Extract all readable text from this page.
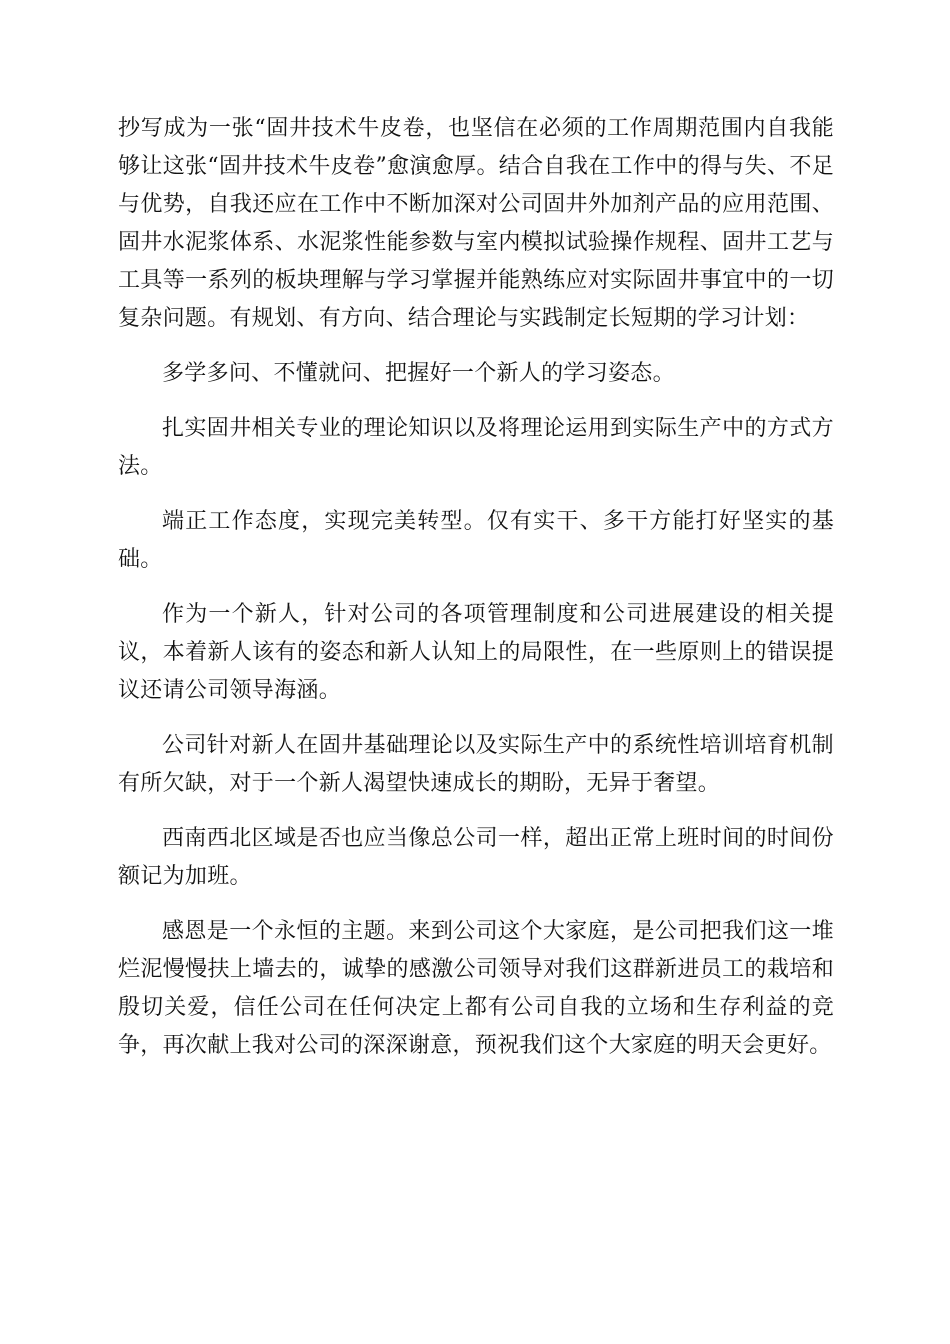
抄写成为一张“固井技术牛皮卷，也坚信在必须的工作周期范围内自我能够让这张“固井技术牛皮卷”愈演愈厚。结合自我在工作中的得与失、不足与优势，自我还应在工作中不断加深对公司固井外加剂产品的应用范围、固井水泥浆体系、水泥浆性能参数与室内模拟试验操作规程、固井工艺与工具等一系列的板块理解与学习掌握并能熟练应对实际固井事宜中的一切复杂问题。有规划、有方向、结合理论与实践制定长短期的学习计划：

多学多问、不懂就问、把握好一个新人的学习姿态。

扎实固井相关专业的理论知识以及将理论运用到实际生产中的方式方法。

端正工作态度，实现完美转型。仅有实干、多干方能打好坚实的基础。

作为一个新人，针对公司的各项管理制度和公司进展建设的相关提议，本着新人该有的姿态和新人认知上的局限性，在一些原则上的错误提议还请公司领导海涵。

公司针对新人在固井基础理论以及实际生产中的系统性培训培育机制有所欠缺，对于一个新人渴望快速成长的期盼，无异于奢望。

西南西北区域是否也应当像总公司一样，超出正常上班时间的时间份额记为加班。

感恩是一个永恒的主题。来到公司这个大家庭，是公司把我们这一堆烂泥慢慢扶上墙去的，诚挚的感激公司领导对我们这群新进员工的栽培和殷切关爱，信任公司在任何决定上都有公司自我的立场和生存利益的竞争，再次献上我对公司的深深谢意，预祝我们这个大家庭的明天会更好。
